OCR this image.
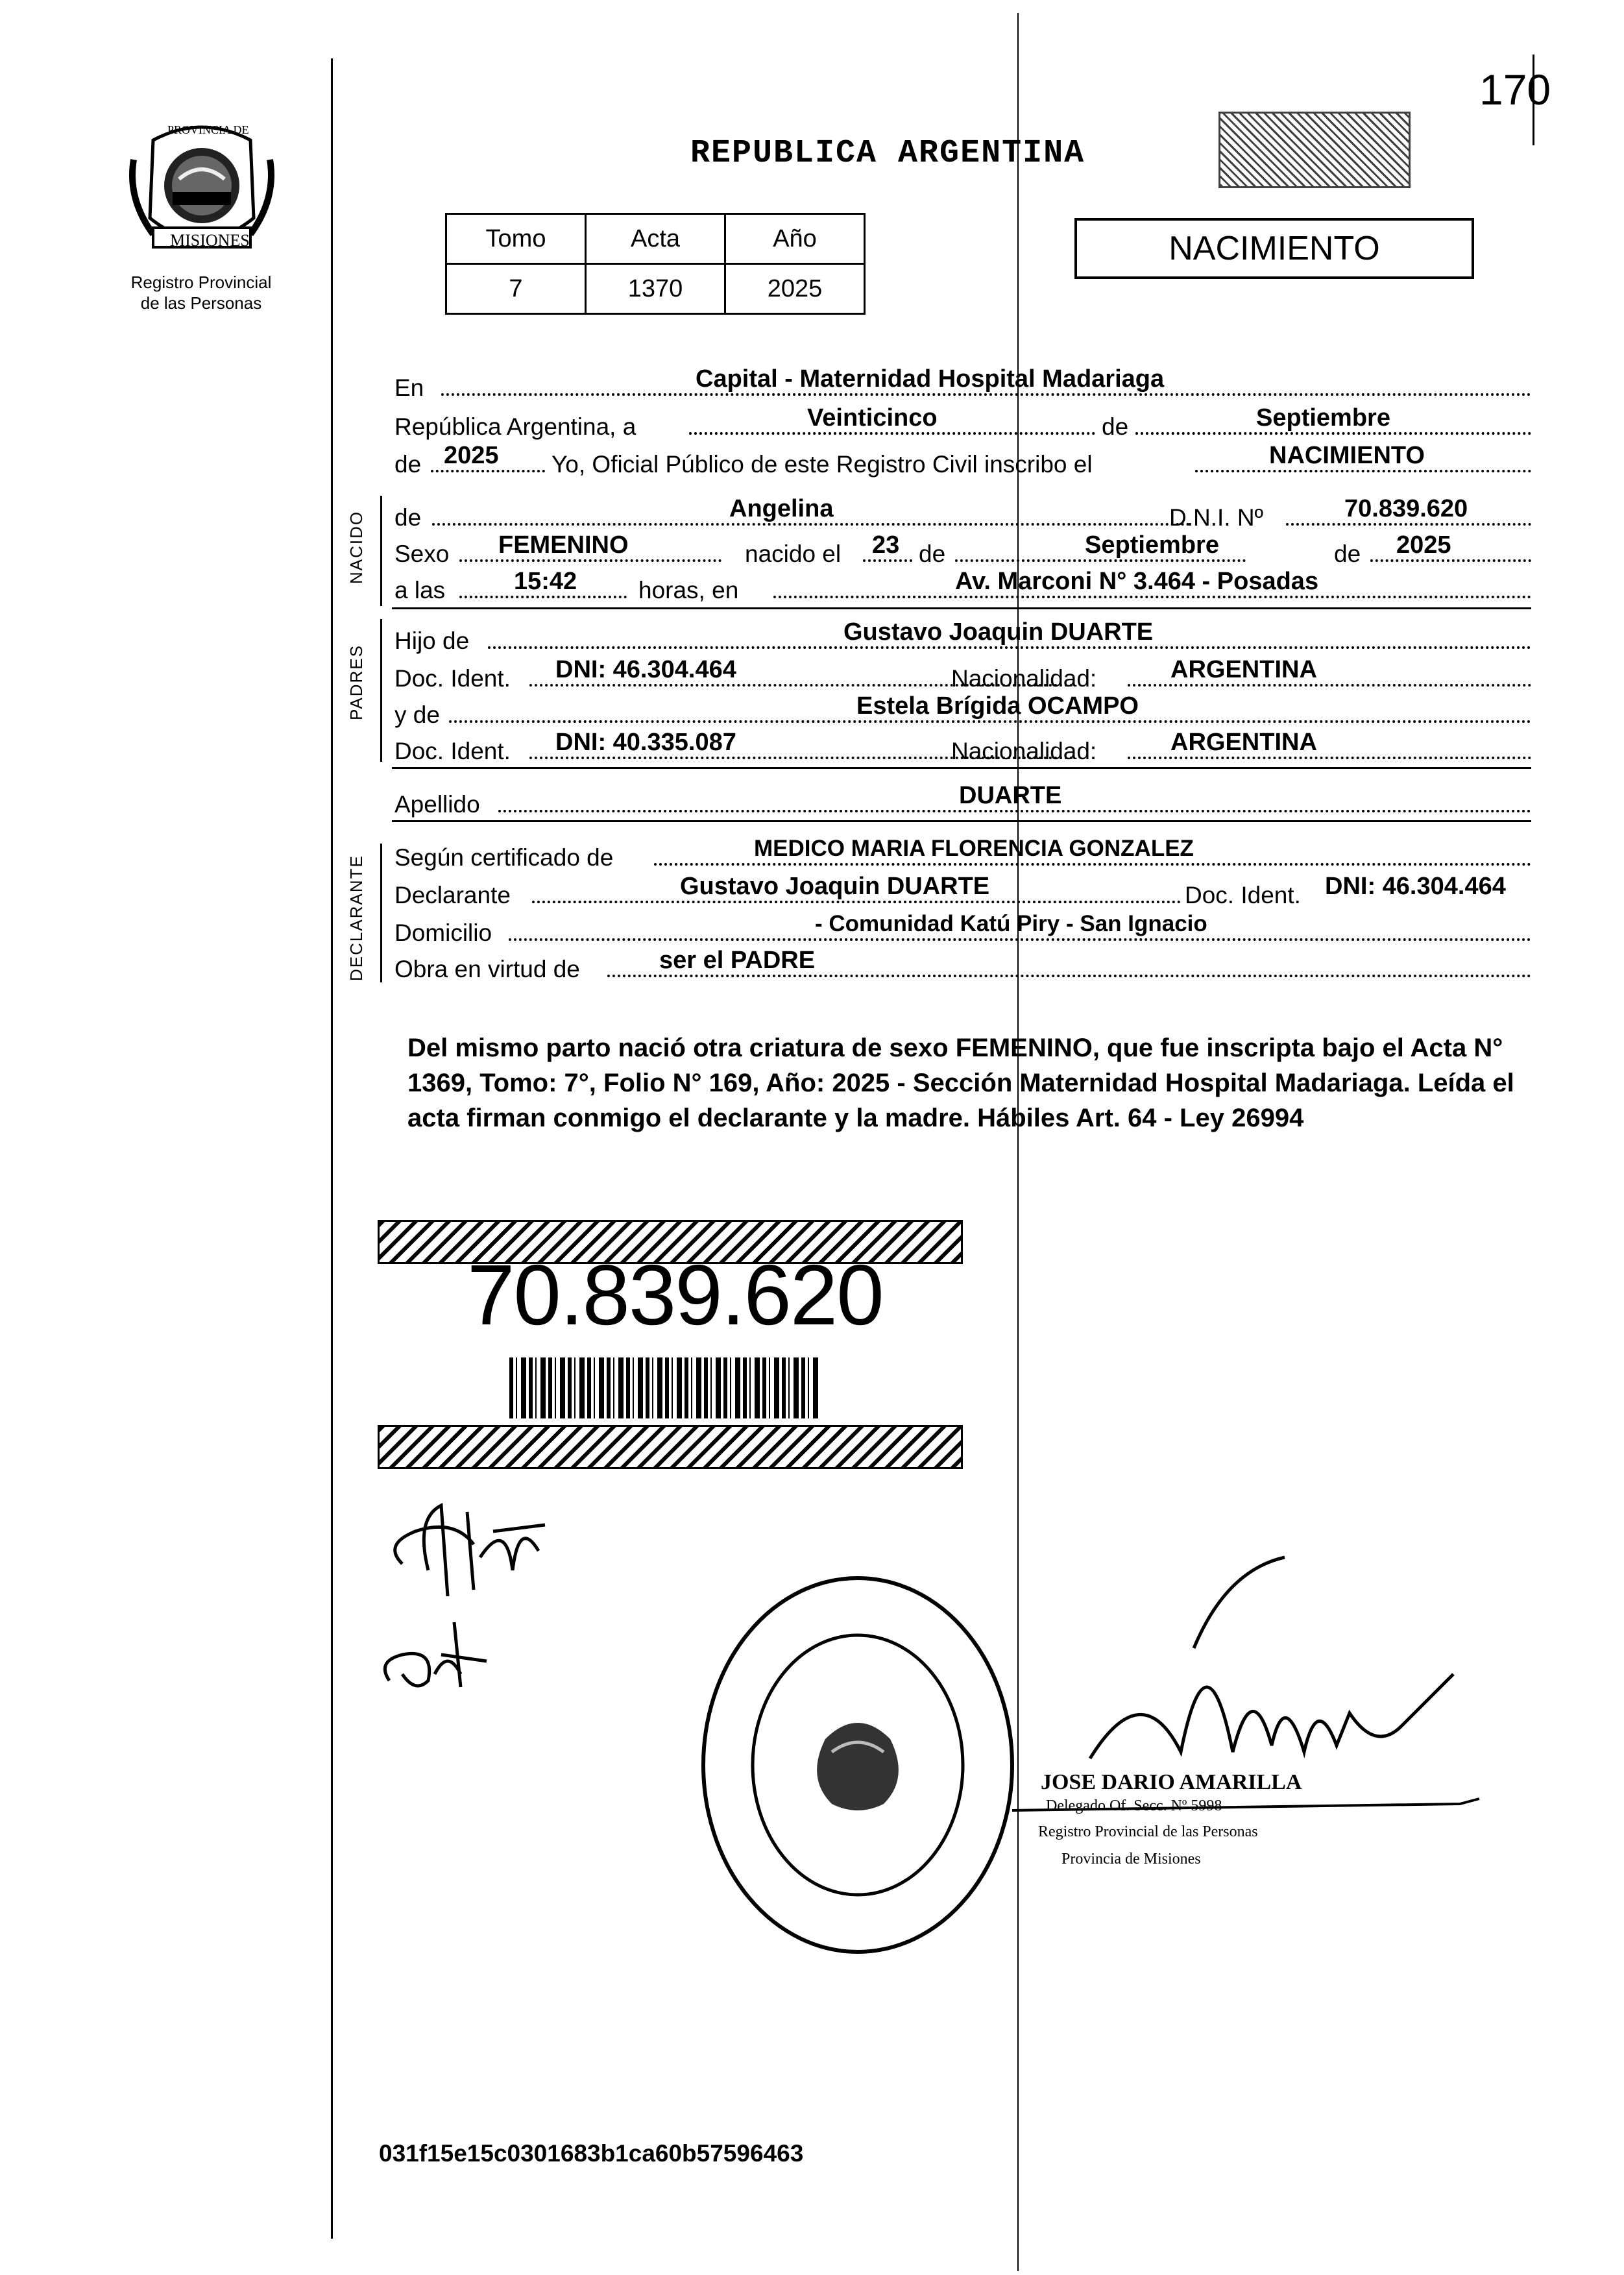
170
PROVINCIA DE
MISIONES
Registro Provincial
de las Personas
REPUBLICA ARGENTINA
Tomo	Acta	Año
7	1370	2025
NACIMIENTO
En	Capital - Maternidad Hospital Madariaga
República Argentina, a	Veinticinco	de	Septiembre
de 2025 Yo, Oficial Público de este Registro Civil inscribo el	NACIMIENTO
de	Angelina	D.N.I. Nº	70.839.620
Sexo FEMENINO	nacido el 23 de	Septiembre	de 2025
a las	15:42	horas, en	Av. Marconi N° 3.464 - Posadas
NACIDO
Hijo de	Gustavo Joaquin DUARTE
Doc. Ident. DNI: 46.304.464	Nacionalidad:	ARGENTINA
y de	Estela Brígida OCAMPO
Doc. Ident. DNI: 40.335.087	Nacionalidad:	ARGENTINA
PADRES
Apellido	DUARTE
Según certificado de	MEDICO MARIA FLORENCIA GONZALEZ
Declarante	Gustavo Joaquin DUARTE	Doc. Ident. DNI: 46.304.464
Domicilio	- Comunidad Katú Piry - San Ignacio
Obra en virtud de	ser el PADRE
DECLARANTE
Del mismo parto nació otra criatura de sexo FEMENINO, que fue inscripta bajo el Acta N° 1369, Tomo: 7°, Folio N° 169, Año: 2025 - Sección Maternidad Hospital Madariaga. Leída el acta firman conmigo el declarante y la madre. Hábiles Art. 64 - Ley 26994
70.839.620
JOSE DARIO AMARILLA
Delegado Of. Secc. Nº 5998
Registro Provincial de las Personas
Provincia de Misiones
031f15e15c0301683b1ca60b57596463
